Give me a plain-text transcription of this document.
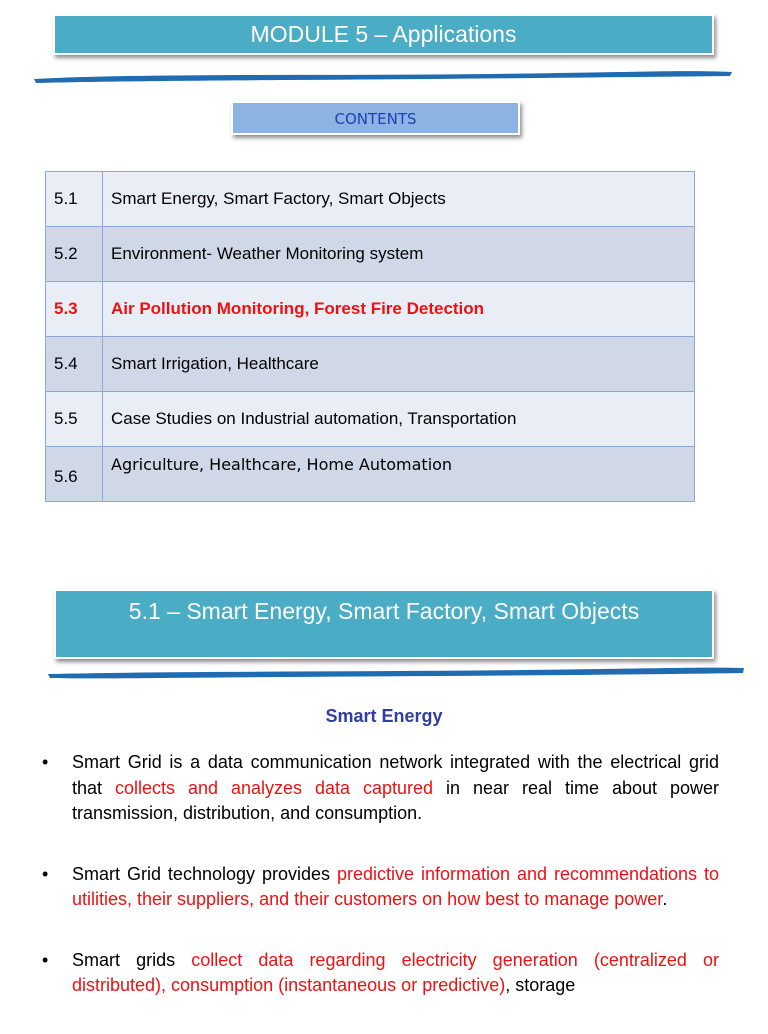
MODULE 5 – Applications
CONTENTS
5.1	Smart Energy, Smart Factory, Smart Objects
5.2	Environment- Weather Monitoring system
5.3	Air Pollution Monitoring, Forest Fire Detection
5.4	Smart Irrigation, Healthcare
5.5	Case Studies on Industrial automation, Transportation
5.6	Agriculture, Healthcare, Home Automation
5.1 – Smart Energy, Smart Factory, Smart Objects
Smart Energy
• Smart Grid is a data communication network integrated with the electrical grid that collects and analyzes data captured in near real time about power transmission, distribution, and consumption.
• Smart Grid technology provides predictive information and recommendations to utilities, their suppliers, and their customers on how best to manage power.
• Smart grids collect data regarding electricity generation (centralized or distributed), consumption (instantaneous or predictive), storage
